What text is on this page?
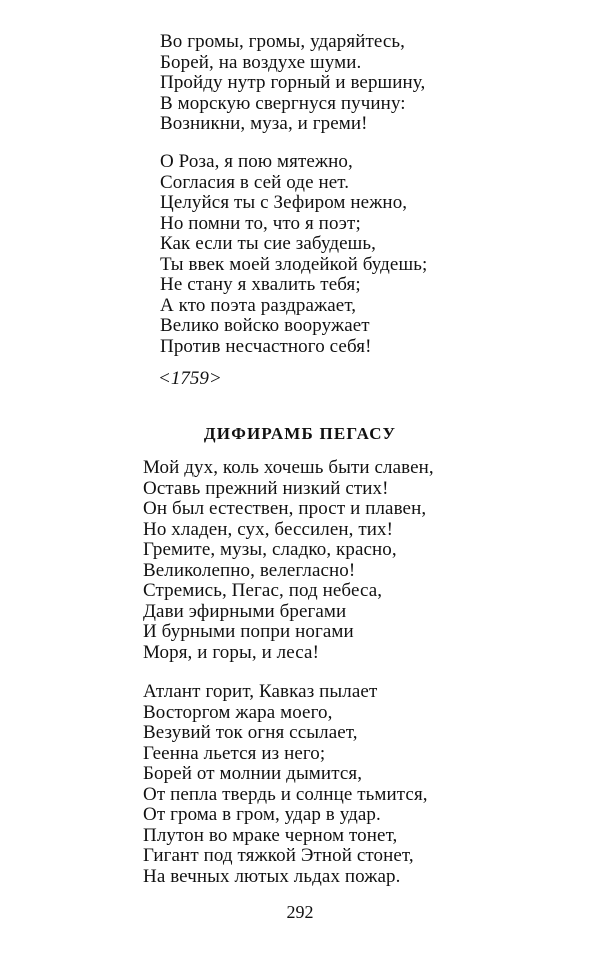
Во громы, громы, ударяйтесь,
Борей, на воздухе шуми.
Пройду нутр горный и вершину,
В морскую свергнуся пучину:
Возникни, муза, и греми!
О Роза, я пою мятежно,
Согласия в сей оде нет.
Целуйся ты с Зефиром нежно,
Но помни то, что я поэт;
Как если ты сие забудешь,
Ты ввек моей злодейкой будешь;
Не стану я хвалить тебя;
А кто поэта раздражает,
Велико войско вооружает
Против несчастного себя!
<1759>
ДИФИРАМБ ПЕГАСУ
Мой дух, коль хочешь быти славен,
Оставь прежний низкий стих!
Он был естествен, прост и плавен,
Но хладен, сух, бессилен, тих!
Гремите, музы, сладко, красно,
Великолепно, велегласно!
Стремись, Пегас, под небеса,
Дави эфирными брегами
И бурными попри ногами
Моря, и горы, и леса!
Атлант горит, Кавказ пылает
Восторгом жара моего,
Везувий ток огня ссылает,
Геенна льется из него;
Борей от молнии дымится,
От пепла твердь и солнце тьмится,
От грома в гром, удар в удар.
Плутон во мраке черном тонет,
Гигант под тяжкой Этной стонет,
На вечных лютых льдах пожар.
292
